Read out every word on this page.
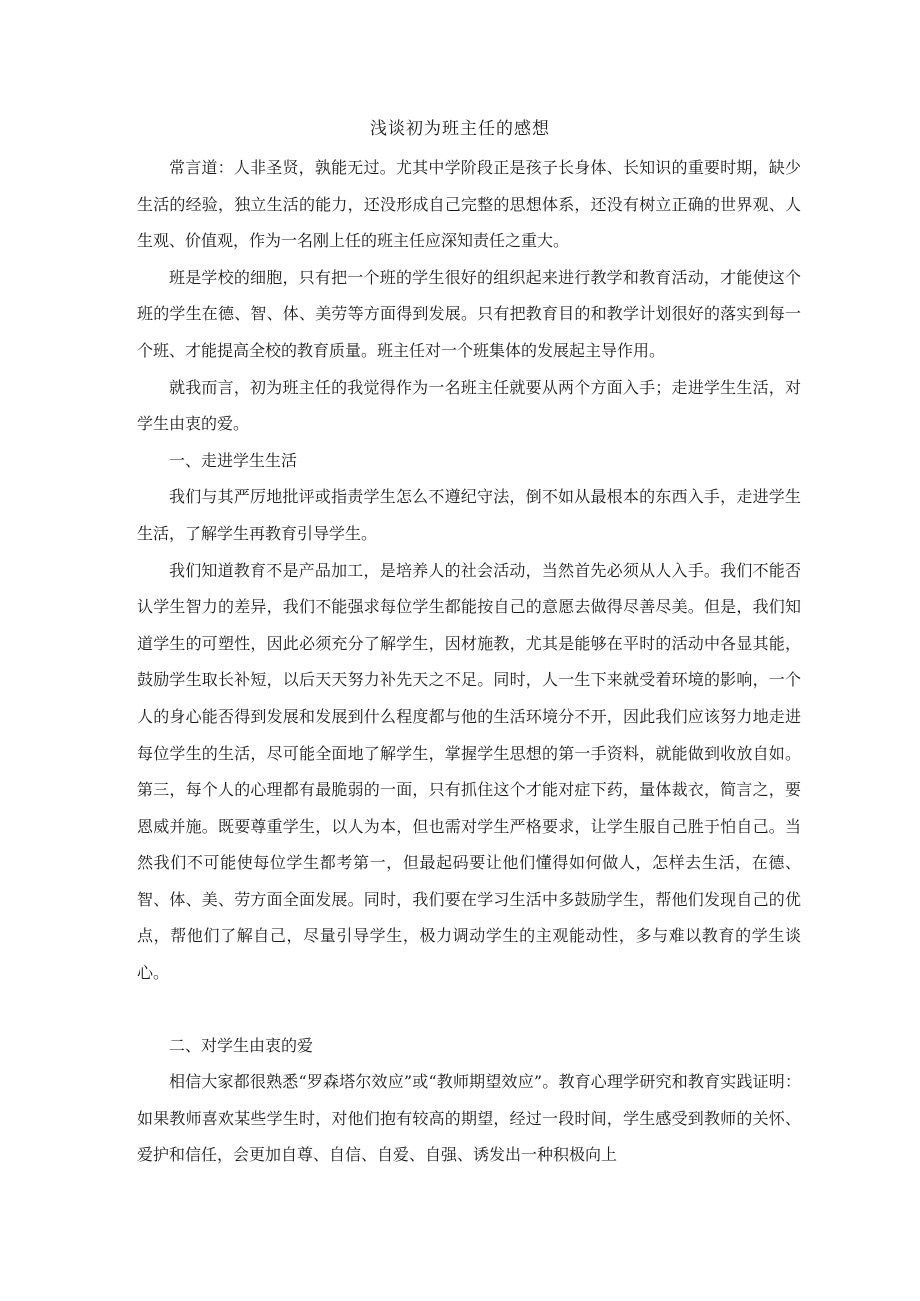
浅谈初为班主任的感想

常言道：人非圣贤，孰能无过。尤其中学阶段正是孩子长身体、长知识的重要时期，缺少生活的经验，独立生活的能力，还没形成自己完整的思想体系，还没有树立正确的世界观、人生观、价值观，作为一名刚上任的班主任应深知责任之重大。

班是学校的细胞，只有把一个班的学生很好的组织起来进行教学和教育活动，才能使这个班的学生在德、智、体、美劳等方面得到发展。只有把教育目的和教学计划很好的落实到每一个班、才能提高全校的教育质量。班主任对一个班集体的发展起主导作用。

就我而言，初为班主任的我觉得作为一名班主任就要从两个方面入手；走进学生生活，对学生由衷的爱。

一、走进学生生活

我们与其严厉地批评或指责学生怎么不遵纪守法，倒不如从最根本的东西入手，走进学生生活，了解学生再教育引导学生。

我们知道教育不是产品加工，是培养人的社会活动，当然首先必须从人入手。我们不能否认学生智力的差异，我们不能强求每位学生都能按自己的意愿去做得尽善尽美。但是，我们知道学生的可塑性，因此必须充分了解学生，因材施教，尤其是能够在平时的活动中各显其能，鼓励学生取长补短，以后天天努力补先天之不足。同时，人一生下来就受着环境的影响，一个人的身心能否得到发展和发展到什么程度都与他的生活环境分不开，因此我们应该努力地走进每位学生的生活，尽可能全面地了解学生，掌握学生思想的第一手资料，就能做到收放自如。第三，每个人的心理都有最脆弱的一面，只有抓住这个才能对症下药，量体裁衣，简言之，要恩威并施。既要尊重学生，以人为本，但也需对学生严格要求，让学生服自己胜于怕自己。当然我们不可能使每位学生都考第一，但最起码要让他们懂得如何做人，怎样去生活，在德、智、体、美、劳方面全面发展。同时，我们要在学习生活中多鼓励学生，帮他们发现自己的优点，帮他们了解自己，尽量引导学生，极力调动学生的主观能动性，多与难以教育的学生谈心。

二、对学生由衷的爱

相信大家都很熟悉“罗森塔尔效应”或“教师期望效应”。教育心理学研究和教育实践证明：如果教师喜欢某些学生时，对他们抱有较高的期望，经过一段时间，学生感受到教师的关怀、爱护和信任，会更加自尊、自信、自爱、自强、诱发出一种积极向上
